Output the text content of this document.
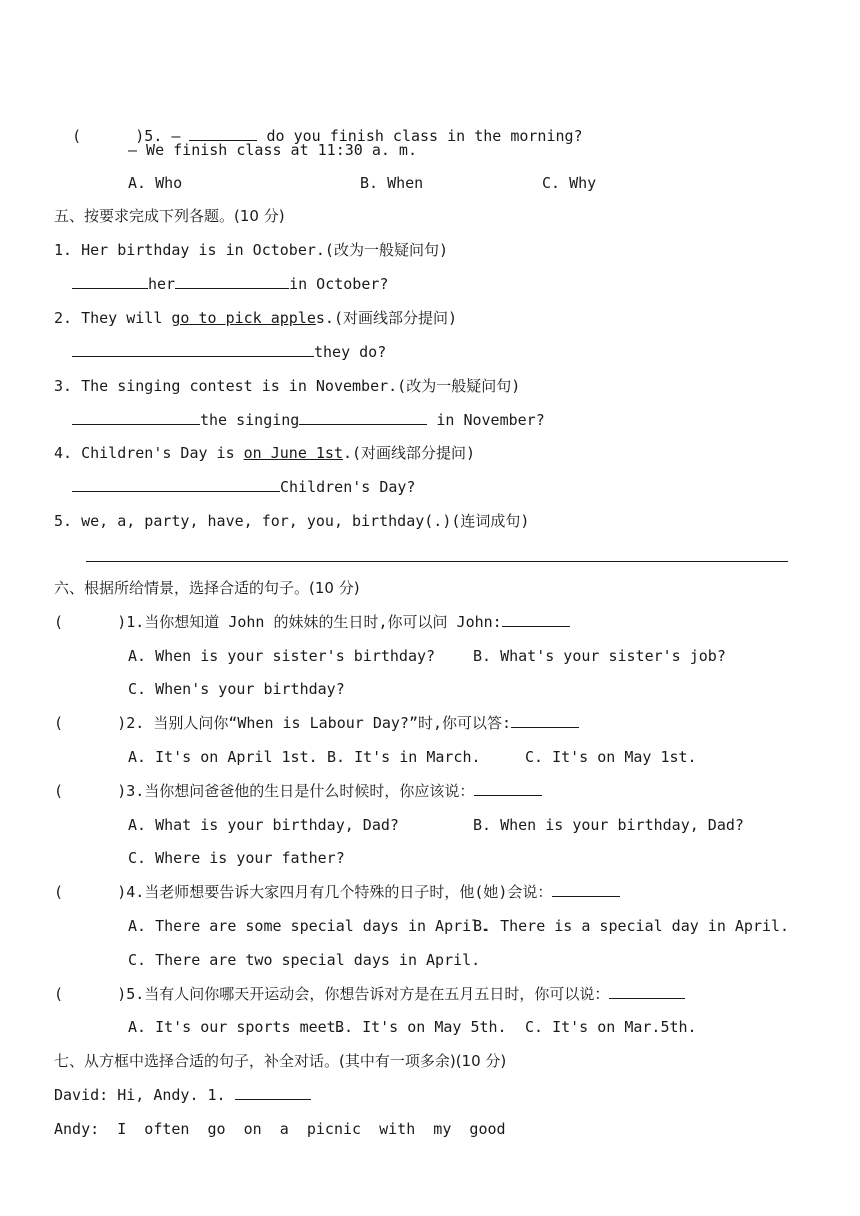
(      )5. —	do you finish class in the morning?

— We finish class at 11:30 a. m.
A. Who	B. When	C. Why
五、按要求完成下列各题。(10 分)
1. Her birthday is in October.(改为一般疑问句)
her	in October?
2. They will go to pick apples.(对画线部分提问)
they do?
3. The singing contest is in November.(改为一般疑问句)
the singing	in November?
4. Children's Day is on June 1st.(对画线部分提问)
Children's Day?
5. we, a, party, have, for, you, birthday(.)(连词成句)
六、根据所给情景，选择合适的句子。(10 分)
(      )1.当你想知道 John 的妹妹的生日时,你可以问 John:
A. When is your sister's birthday?	B. What's your sister's job?
C. When's your birthday?
(      )2. 当别人问你“When is Labour Day?”时,你可以答:
A. It's on April 1st. B. It's in March.	C. It's on May 1st.
(      )3.当你想问爸爸他的生日是什么时候时，你应该说：
A. What is your birthday, Dad?	B. When is your birthday, Dad?
C. Where is your father?
(      )4.当老师想要告诉大家四月有几个特殊的日子时，他(她)会说：
A. There are some special days in April.
B. There is a special day in April.
C. There are two special days in April.
(      )5.当有人问你哪天开运动会，你想告诉对方是在五月五日时，你可以说：
A. It's our sports meet.
B. It's on May 5th. C. It's on Mar.5th.
七、从方框中选择合适的句子，补全对话。(其中有一项多余)(10 分)
David: Hi, Andy. 1.
Andy:  I  often  go  on  a  picnic  with  my  good
